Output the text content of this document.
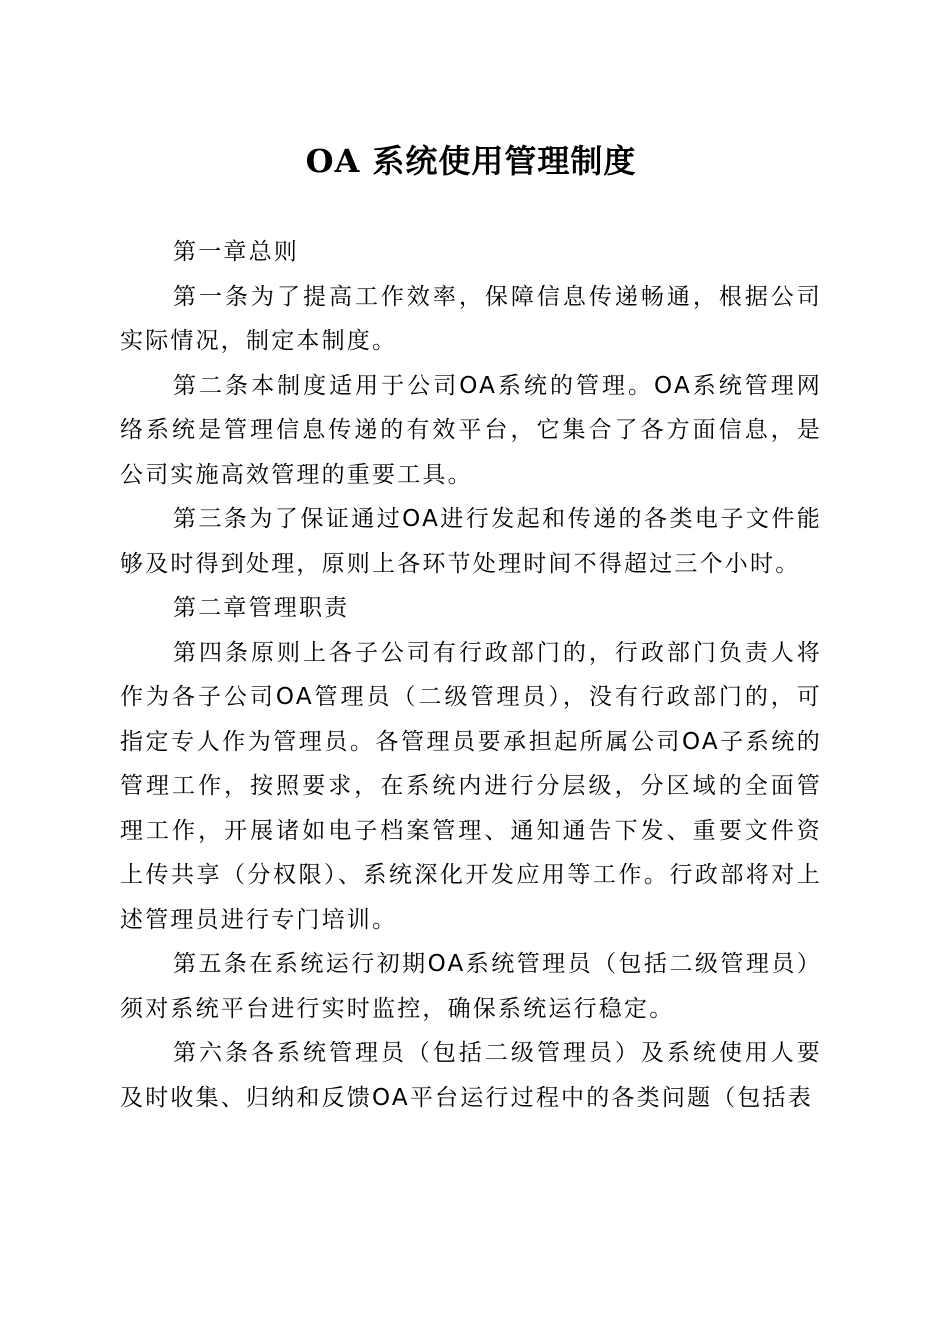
OA 系统使用管理制度

第一章总则

第一条为了提高工作效率，保障信息传递畅通，根据公司实际情况，制定本制度。

第二条本制度适用于公司OA系统的管理。OA系统管理网络系统是管理信息传递的有效平台，它集合了各方面信息，是公司实施高效管理的重要工具。

第三条为了保证通过OA进行发起和传递的各类电子文件能够及时得到处理，原则上各环节处理时间不得超过三个小时。

第二章管理职责

第四条原则上各子公司有行政部门的，行政部门负责人将作为各子公司OA管理员（二级管理员），没有行政部门的，可指定专人作为管理员。各管理员要承担起所属公司OA子系统的管理工作，按照要求，在系统内进行分层级，分区域的全面管理工作，开展诸如电子档案管理、通知通告下发、重要文件资上传共享（分权限）、系统深化开发应用等工作。行政部将对上述管理员进行专门培训。

第五条在系统运行初期OA系统管理员（包括二级管理员）须对系统平台进行实时监控，确保系统运行稳定。

第六条各系统管理员（包括二级管理员）及系统使用人要及时收集、归纳和反馈OA平台运行过程中的各类问题（包括表
